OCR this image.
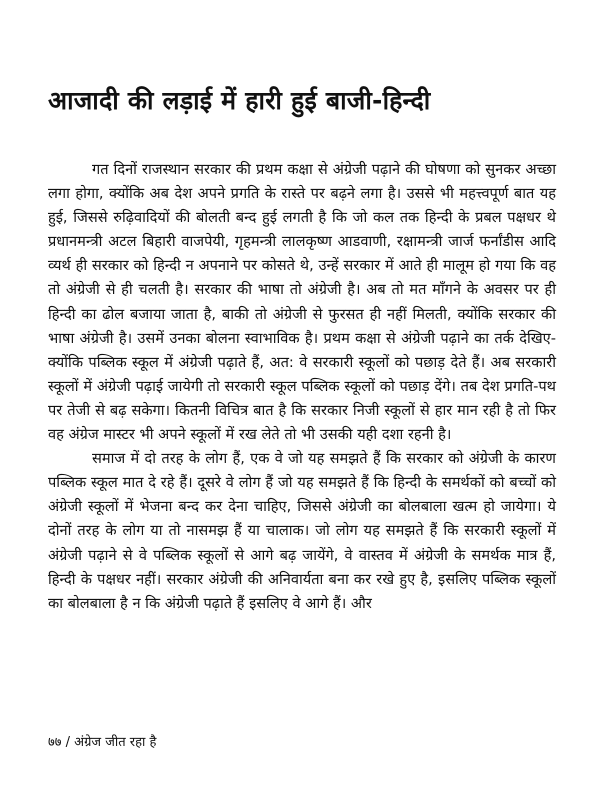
आजादी की लड़ाई में हारी हुई बाजी-हिन्दी

गत दिनों राजस्थान सरकार की प्रथम कक्षा से अंग्रेजी पढ़ाने की घोषणा को सुनकर अच्छा लगा होगा, क्योंकि अब देश अपने प्रगति के रास्ते पर बढ़ने लगा है। उससे भी महत्त्वपूर्ण बात यह हुई, जिससे रुढ़िवादियों की बोलती बन्द हुई लगती है कि जो कल तक हिन्दी के प्रबल पक्षधर थे प्रधानमन्त्री अटल बिहारी वाजपेयी, गृहमन्त्री लालकृष्ण आडवाणी, रक्षामन्त्री जार्ज फर्नांडीस आदि व्यर्थ ही सरकार को हिन्दी न अपनाने पर कोसते थे, उन्हें सरकार में आते ही मालूम हो गया कि वह तो अंग्रेजी से ही चलती है। सरकार की भाषा तो अंग्रेजी है। अब तो मत माँगने के अवसर पर ही हिन्दी का ढोल बजाया जाता है, बाकी तो अंग्रेजी से फुरसत ही नहीं मिलती, क्योंकि सरकार की भाषा अंग्रेजी है। उसमें उनका बोलना स्वाभाविक है। प्रथम कक्षा से अंग्रेजी पढ़ाने का तर्क देखिए- क्योंकि पब्लिक स्कूल में अंग्रेजी पढ़ाते हैं, अत: वे सरकारी स्कूलों को पछाड़ देते हैं। अब सरकारी स्कूलों में अंग्रेजी पढ़ाई जायेगी तो सरकारी स्कूल पब्लिक स्कूलों को पछाड़ देंगे। तब देश प्रगति-पथ पर तेजी से बढ़ सकेगा। कितनी विचित्र बात है कि सरकार निजी स्कूलों से हार मान रही है तो फिर वह अंग्रेज मास्टर भी अपने स्कूलों में रख लेते तो भी उसकी यही दशा रहनी है।

समाज में दो तरह के लोग हैं, एक वे जो यह समझते हैं कि सरकार को अंग्रेजी के कारण पब्लिक स्कूल मात दे रहे हैं। दूसरे वे लोग हैं जो यह समझते हैं कि हिन्दी के समर्थकों को बच्चों को अंग्रेजी स्कूलों में भेजना बन्द कर देना चाहिए, जिससे अंग्रेजी का बोलबाला खत्म हो जायेगा। ये दोनों तरह के लोग या तो नासमझ हैं या चालाक। जो लोग यह समझते हैं कि सरकारी स्कूलों में अंग्रेजी पढ़ाने से वे पब्लिक स्कूलों से आगे बढ़ जायेंगे, वे वास्तव में अंग्रेजी के समर्थक मात्र हैं, हिन्दी के पक्षधर नहीं। सरकार अंग्रेजी की अनिवार्यता बना कर रखे हुए है, इसलिए पब्लिक स्कूलों का बोलबाला है न कि अंग्रेजी पढ़ाते हैं इसलिए वे आगे हैं। और

७७ / अंग्रेज जीत रहा है
